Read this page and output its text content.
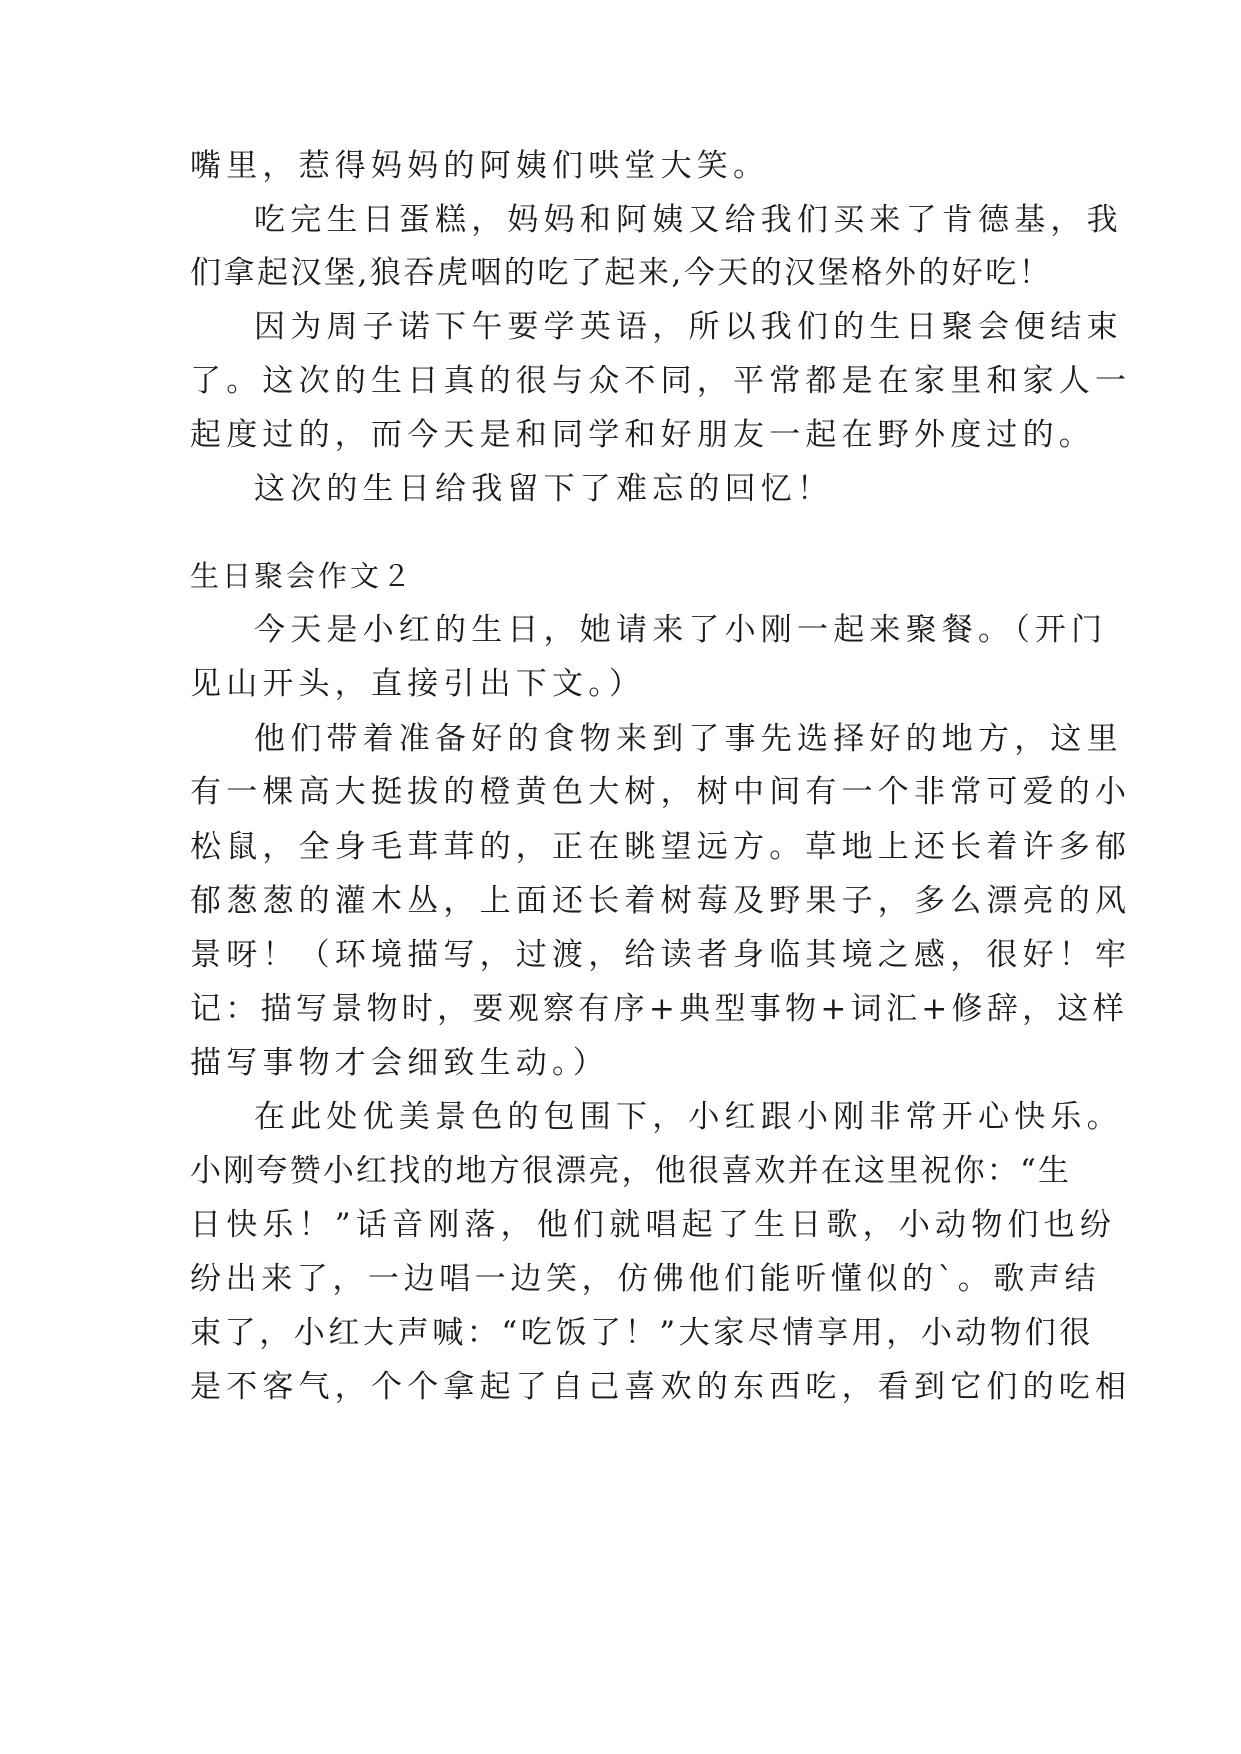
嘴里，惹得妈妈的阿姨们哄堂大笑。
吃完生日蛋糕，妈妈和阿姨又给我们买来了肯德基，我
们拿起汉堡,狼吞虎咽的吃了起来,今天的汉堡格外的好吃！
因为周子诺下午要学英语，所以我们的生日聚会便结束
了。这次的生日真的很与众不同，平常都是在家里和家人一
起度过的，而今天是和同学和好朋友一起在野外度过的。
这次的生日给我留下了难忘的回忆！
生日聚会作文２
今天是小红的生日，她请来了小刚一起来聚餐。（开门
见山开头，直接引出下文。）
他们带着准备好的食物来到了事先选择好的地方，这里
有一棵高大挺拔的橙黄色大树，树中间有一个非常可爱的小
松鼠，全身毛茸茸的，正在眺望远方。草地上还长着许多郁
郁葱葱的灌木丛，上面还长着树莓及野果子，多么漂亮的风
景呀！（环境描写，过渡，给读者身临其境之感，很好！牢
记：描写景物时，要观察有序+典型事物+词汇+修辞，这样
描写事物才会细致生动。）
在此处优美景色的包围下，小红跟小刚非常开心快乐。
小刚夸赞小红找的地方很漂亮，他很喜欢并在这里祝你：“生
日快乐！”话音刚落，他们就唱起了生日歌，小动物们也纷
纷出来了，一边唱一边笑，仿佛他们能听懂似的`。歌声结
束了，小红大声喊：“吃饭了！”大家尽情享用，小动物们很
是不客气，个个拿起了自己喜欢的东西吃，看到它们的吃相
